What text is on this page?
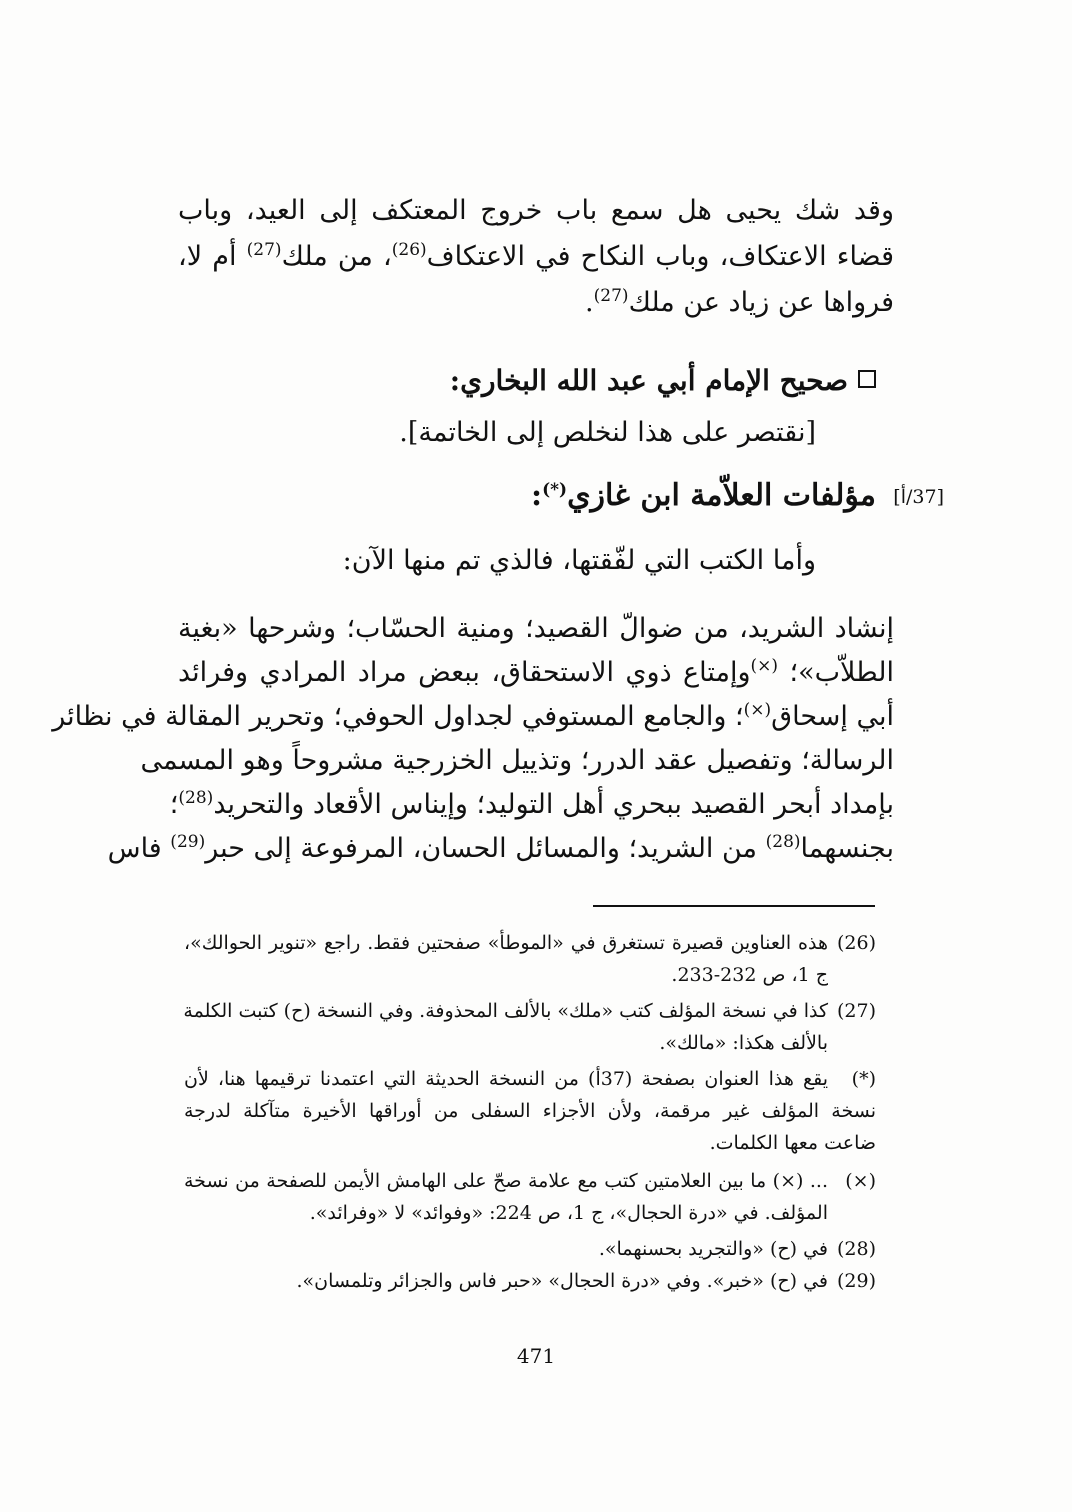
وقد شك يحيى هل سمع باب خروج المعتكف إلى العيد، وباب
قضاء الاعتكاف، وباب النكاح في الاعتكاف$^{(26)}$، من ملك$^{(27)}$ أم لا،
فرواها عن زياد عن ملك$^{(27)}$.
صحيح الإمام أبي عبد الله البخاري:
[نقتصر على هذا لنخلص إلى الخاتمة].
[37/أ]
مؤلفات العلاّمة ابن غازي(*):
وأما الكتب التي لفّقتها، فالذي تم منها الآن:
إنشاد الشريد، من ضوالّ القصيد؛ ومنية الحسّاب؛ وشرحها «بغية
الطلاّب»؛ (×)وإمتاع ذوي الاستحقاق، ببعض مراد المرادي وفرائد
أبي إسحاق(×)؛ والجامع المستوفي لجداول الحوفي؛ وتحرير المقالة في نظائر
الرسالة؛ وتفصيل عقد الدرر؛ وتذييل الخزرجية مشروحاً وهو المسمى
بإمداد أبحر القصيد ببحري أهل التوليد؛ وإيناس الأقعاد والتحريد$^{(28)}$؛
بجنسهما$^{(28)}$ من الشريد؛ والمسائل الحسان، المرفوعة إلى حبر$^{(29)}$ فاس
(26)
هذه العناوين قصيرة تستغرق في «الموطأ» صفحتين فقط. راجع «تنوير الحوالك»،
ج 1، ص 232-233.
(27)
كذا في نسخة المؤلف كتب «ملك» بالألف المحذوفة. وفي النسخة (ح) كتبت الكلمة
بالألف هكذا: «مالك».
(*)
يقع هذا العنوان بصفحة (37أ) من النسخة الحديثة التي اعتمدنا ترقيمها هنا، لأن
نسخة المؤلف غير مرقمة، ولأن الأجزاء السفلى من أوراقها الأخيرة متآكلة لدرجة
ضاعت معها الكلمات.
(×)
... (×) ما بين العلامتين كتب مع علامة صحّ على الهامش الأيمن للصفحة من نسخة
المؤلف. في «درة الحجال»، ج 1، ص 224: «وفوائد» لا «وفرائد».
(28)
في (ح) «والتجريد بحسنهما».
(29)
في (ح) «خبر». وفي «درة الحجال» «حبر فاس والجزائر وتلمسان».
471
